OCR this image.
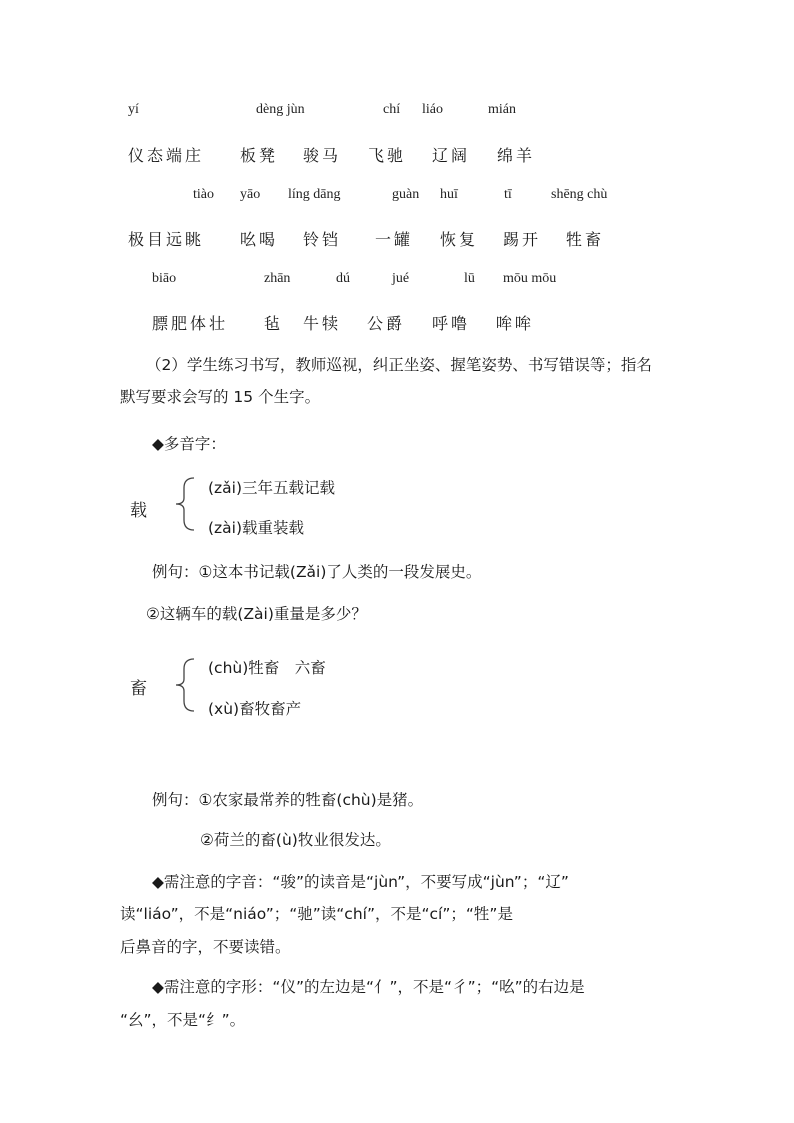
yí	dèng jùn	chí liáo	mián
仪态端庄 板凳 骏马 飞驰 辽阔 绵羊
tiào yāo líng dāng	guàn huī	tī	shēng chù
极目远眺 吆喝 铃铛 一罐 恢复 踢开 牲畜
biāo	zhān	dú	jué	lū mōu mōu
膘肥体壮 毡 牛犊 公爵 呼噜 哞哞
（2）学生练习书写，教师巡视，纠正坐姿、握笔姿势、书写错误等；指名
默写要求会写的 15 个生字。
◆多音字：
载
(zǎi)三年五载记载
(zài)载重装载
例句：①这本书记载(Zǎi)了人类的一段发展史。
②这辆车的载(Zài)重量是多少？
畜
(chù)牲畜　六畜
(xù)畜牧畜产
例句：①农家最常养的牲畜(chù)是猪。
②荷兰的畜(ù)牧业很发达。
◆需注意的字音：“骏”的读音是“jùn”，不要写成“jùn”；“辽”
读“liáo”，不是“niáo”；“驰”读“chí”，不是“cí”；“牲”是
后鼻音的字，不要读错。
◆需注意的字形：“仪”的左边是“亻”，不是“彳”；“吆”的右边是
“幺”，不是“纟”。
